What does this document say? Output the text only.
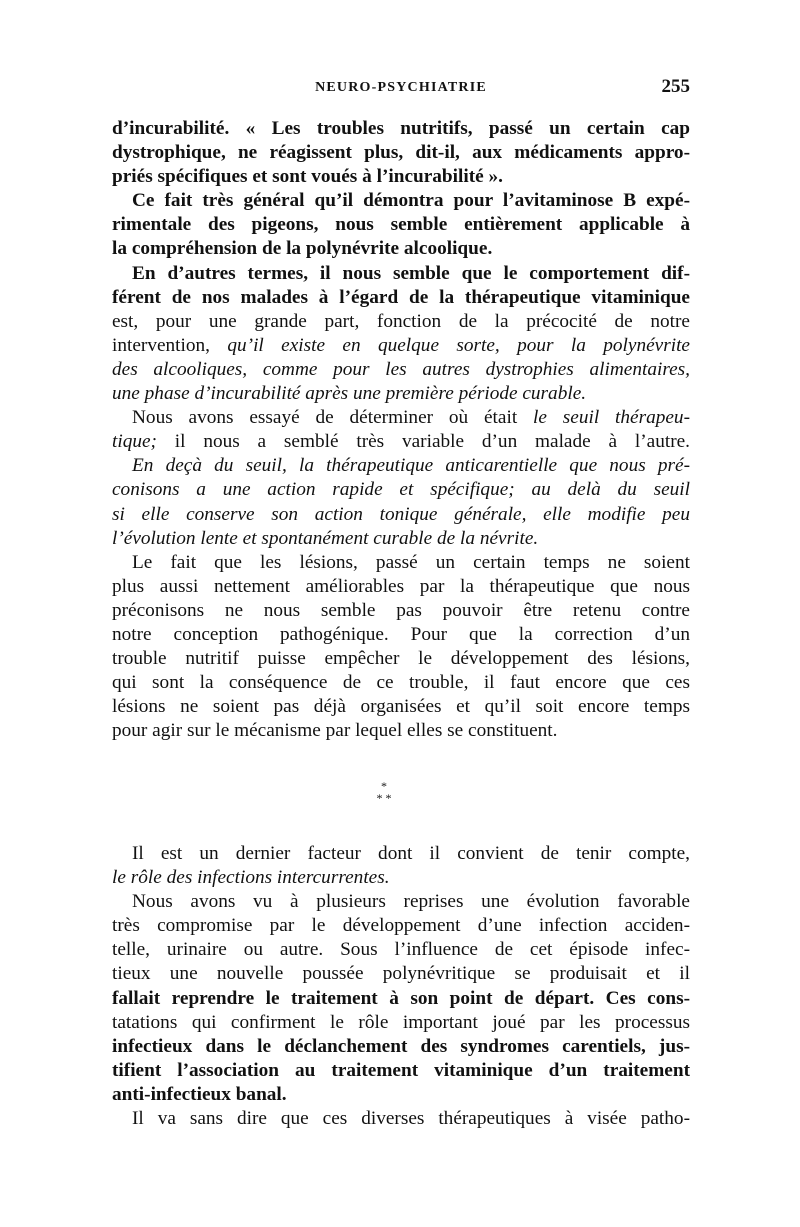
NEURO-PSYCHIATRIE	255
d’incurabilité. « Les troubles nutritifs, passé un certain cap
dystrophique, ne réagissent plus, dit-il, aux médicaments appro-
priés spécifiques et sont voués à l’incurabilité ».
Ce fait très général qu’il démontra pour l’avitaminose B expé-
rimentale des pigeons, nous semble entièrement applicable à
la compréhension de la polynévrite alcoolique.
En d’autres termes, il nous semble que le comportement dif-
férent de nos malades à l’égard de la thérapeutique vitaminique
est, pour une grande part, fonction de la précocité de notre
intervention, qu’il existe en quelque sorte, pour la polynévrite
des alcooliques, comme pour les autres dystrophies alimentaires,
une phase d’incurabilité après une première période curable.
Nous avons essayé de déterminer où était le seuil thérapeu-
tique; il nous a semblé très variable d’un malade à l’autre.
En deçà du seuil, la thérapeutique anticarentielle que nous pré-
conisons a une action rapide et spécifique; au delà du seuil
si elle conserve son action tonique générale, elle modifie peu
l’évolution lente et spontanément curable de la névrite.
Le fait que les lésions, passé un certain temps ne soient
plus aussi nettement améliorables par la thérapeutique que nous
préconisons ne nous semble pas pouvoir être retenu contre
notre conception pathogénique. Pour que la correction d’un
trouble nutritif puisse empêcher le développement des lésions,
qui sont la conséquence de ce trouble, il faut encore que ces
lésions ne soient pas déjà organisées et qu’il soit encore temps
pour agir sur le mécanisme par lequel elles se constituent.
*
* *
Il est un dernier facteur dont il convient de tenir compte,
le rôle des infections intercurrentes.
Nous avons vu à plusieurs reprises une évolution favorable
très compromise par le développement d’une infection acciden-
telle, urinaire ou autre. Sous l’influence de cet épisode infec-
tieux une nouvelle poussée polynévritique se produisait et il
fallait reprendre le traitement à son point de départ. Ces cons-
tatations qui confirment le rôle important joué par les processus
infectieux dans le déclanchement des syndromes carentiels, jus-
tifient l’association au traitement vitaminique d’un traitement
anti-infectieux banal.
Il va sans dire que ces diverses thérapeutiques à visée patho-
